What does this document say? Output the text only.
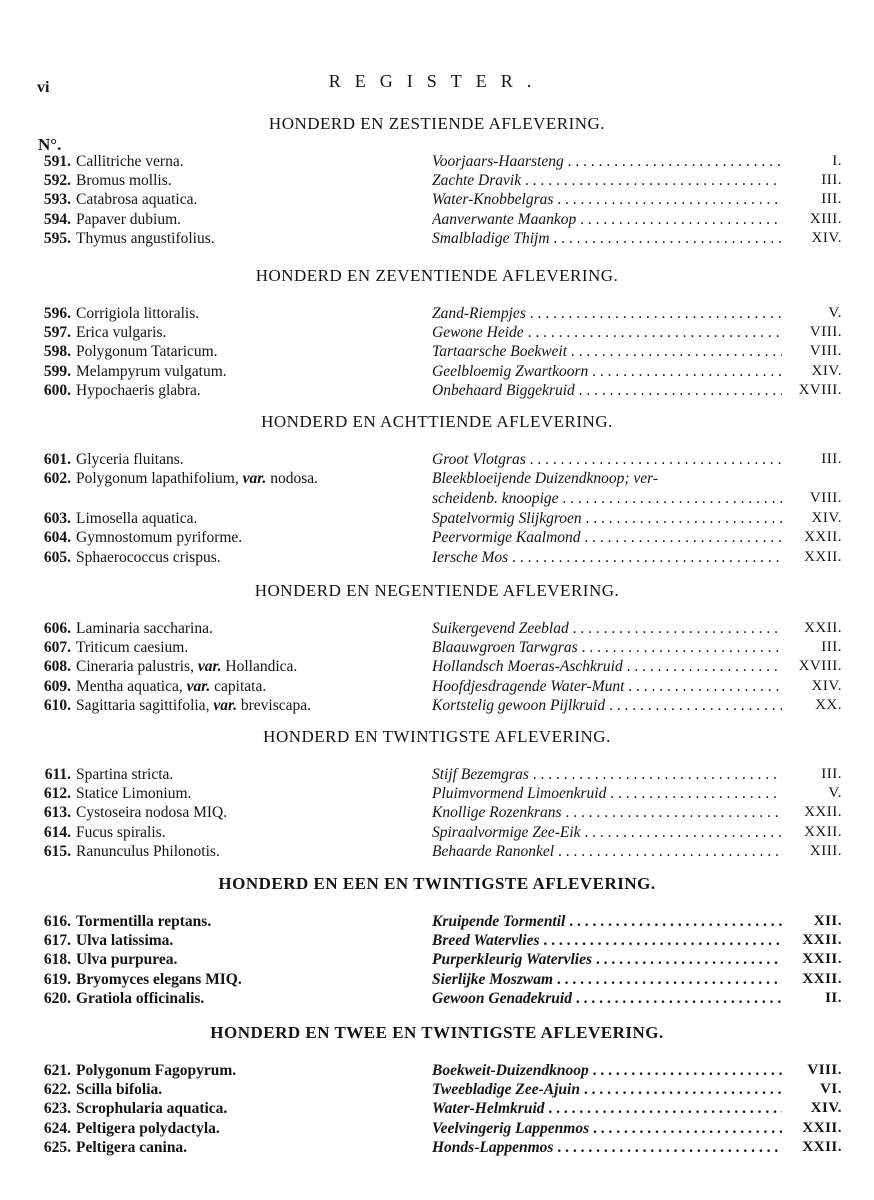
vi	REGISTER.
N°.
HONDERD EN ZESTIENDE AFLEVERING.
591. Callitriche verna.	Voorjaars-Haarsteng . . .	I.
592. Bromus mollis.	Zachte Dravik . . .	III.
593. Catabrosa aquatica.	Water-Knobbelgras . . .	III.
594. Papaver dubium.	Aanverwante Maankop . . .	XIII.
595. Thymus angustifolius.	Smalbladige Thijm . . .	XIV.
HONDERD EN ZEVENTIENDE AFLEVERING.
596. Corrigiola littoralis.	Zand-Riempjes . . .	V.
597. Erica vulgaris.	Gewone Heide . . .	VIII.
598. Polygonum Tataricum.	Tartaarsche Boekweit . . .	VIII.
599. Melampyrum vulgatum.	Geelbloemig Zwartkoorn . . .	XIV.
600. Hypochaeris glabra.	Onbehaard Biggekruid . . .	XVIII.
HONDERD EN ACHTTIENDE AFLEVERING.
601. Glyceria fluitans.	Groot Vlotgras . . .	III.
602. Polygonum lapathifolium, var. nodosa.	Bleekbloeijende Duizendknoop; ver-
scheidenb. knoopige . . .	VIII.
603. Limosella aquatica.	Spatelvormig Slijkgroen . . .	XIV.
604. Gymnostomum pyriforme.	Peervormige Kaalmond . . .	XXII.
605. Sphaerococcus crispus.	Iersche Mos . . .	XXII.
HONDERD EN NEGENTIENDE AFLEVERING.
606. Laminaria saccharina.	Suikergevend Zeeblad . . .	XXII.
607. Triticum caesium.	Blaauwgroen Tarwgras . . .	III.
608. Cineraria palustris, var. Hollandica.	Hollandsch Moeras-Aschkruid . . .	XVIII.
609. Mentha aquatica, var. capitata.	Hoofdjesdragende Water-Munt . . .	XIV.
610. Sagittaria sagittifolia, var. breviscapa.	Kortstelig gewoon Pijlkruid . . .	XX.
HONDERD EN TWINTIGSTE AFLEVERING.
611. Spartina stricta.	Stijf Bezemgras . . .	III.
612. Statice Limonium.	Pluimvormend Limoenkruid . . .	V.
613. Cystoseira nodosa MIQ.	Knollige Rozenkrans . . .	XXII.
614. Fucus spiralis.	Spiraalvormige Zee-Eik . . .	XXII.
615. Ranunculus Philonotis.	Behaarde Ranonkel . . .	XIII.
HONDERD EN EEN EN TWINTIGSTE AFLEVERING.
616. Tormentilla reptans.	Kruipende Tormentil . . .	XII.
617. Ulva latissima.	Breed Watervlies . . .	XXII.
618. Ulva purpurea.	Purperkleurig Watervlies . . .	XXII.
619. Bryomyces elegans MIQ.	Sierlijke Moszwam . . .	XXII.
620. Gratiola officinalis.	Gewoon Genadekruid . . .	II.
HONDERD EN TWEE EN TWINTIGSTE AFLEVERING.
621. Polygonum Fagopyrum.	Boekweit-Duizendknoop . . .	VIII.
622. Scilla bifolia.	Tweebladige Zee-Ajuin . . .	VI.
623. Scrophularia aquatica.	Water-Helmkruid . . .	XIV.
624. Peltigera polydactyla.	Veelvingerig Lappenmos . . .	XXII.
625. Peltigera canina.	Honds-Lappenmos . . .	XXII.
